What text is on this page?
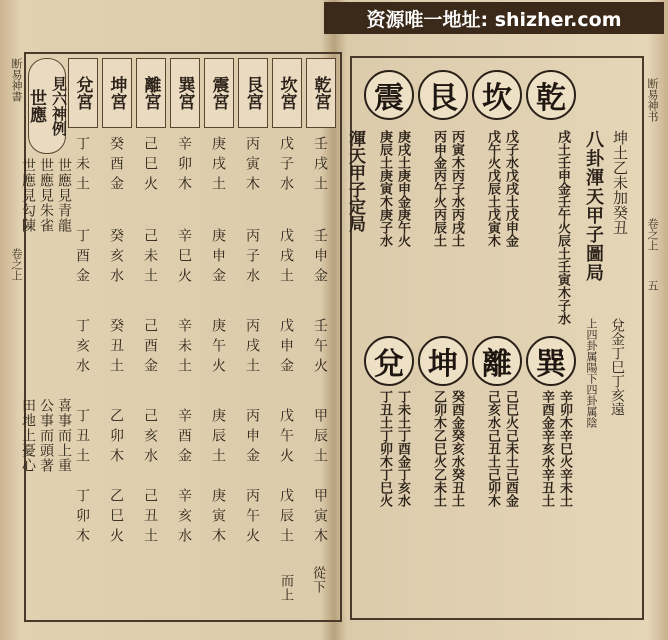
资源唯一地址: shizher.com
断易神書
卷之上
乾宮
坎宮
艮宮
震宮
巽宮
離宮
坤宮
兌宮
世應 見六神例
世應見青龍
世應見朱雀
世應見勾陳
喜事而上重
公事而頭著
田地上憂心
壬戌土
壬申金
壬午火
甲辰土
甲寅木
戊子水
戊戌土
戊申金
戊午火
戊辰土
丙寅木
丙子水
丙戌土
丙申金
丙午火
庚戌土
庚申金
庚午火
庚辰土
庚寅木
辛卯木
辛巳火
辛未土
辛酉金
辛亥水
己巳火
己未土
己酉金
己亥水
己丑土
癸酉金
癸亥水
癸丑土
乙卯木
乙巳火
丁未土
丁酉金
丁亥水
丁丑土
丁卯木
而上 從下
断易神书
卷之上
五
乾
坎
艮
震
巽
離
坤
兌
八卦渾天甲子圖局
渾天甲子定局	坤土乙未加癸丑
戌土壬申金壬午火辰土壬寅木子水
上四卦属陽下四卦属陰 兌金丁巳丁亥遠
戊子水戊戌土戊申金
戊午火戊辰土戊寅木
丙寅木丙子水丙戌土
丙申金丙午火丙辰土
庚戌土庚申金庚午火
庚辰土庚寅木庚子水
辛卯木辛巳火辛未土
辛酉金辛亥水辛丑土
己巳火己未土己酉金
己亥水己丑土己卯木
癸酉金癸亥水癸丑土
乙卯木乙巳火乙未土
丁未土丁酉金丁亥水
丁丑土丁卯木丁巳火
